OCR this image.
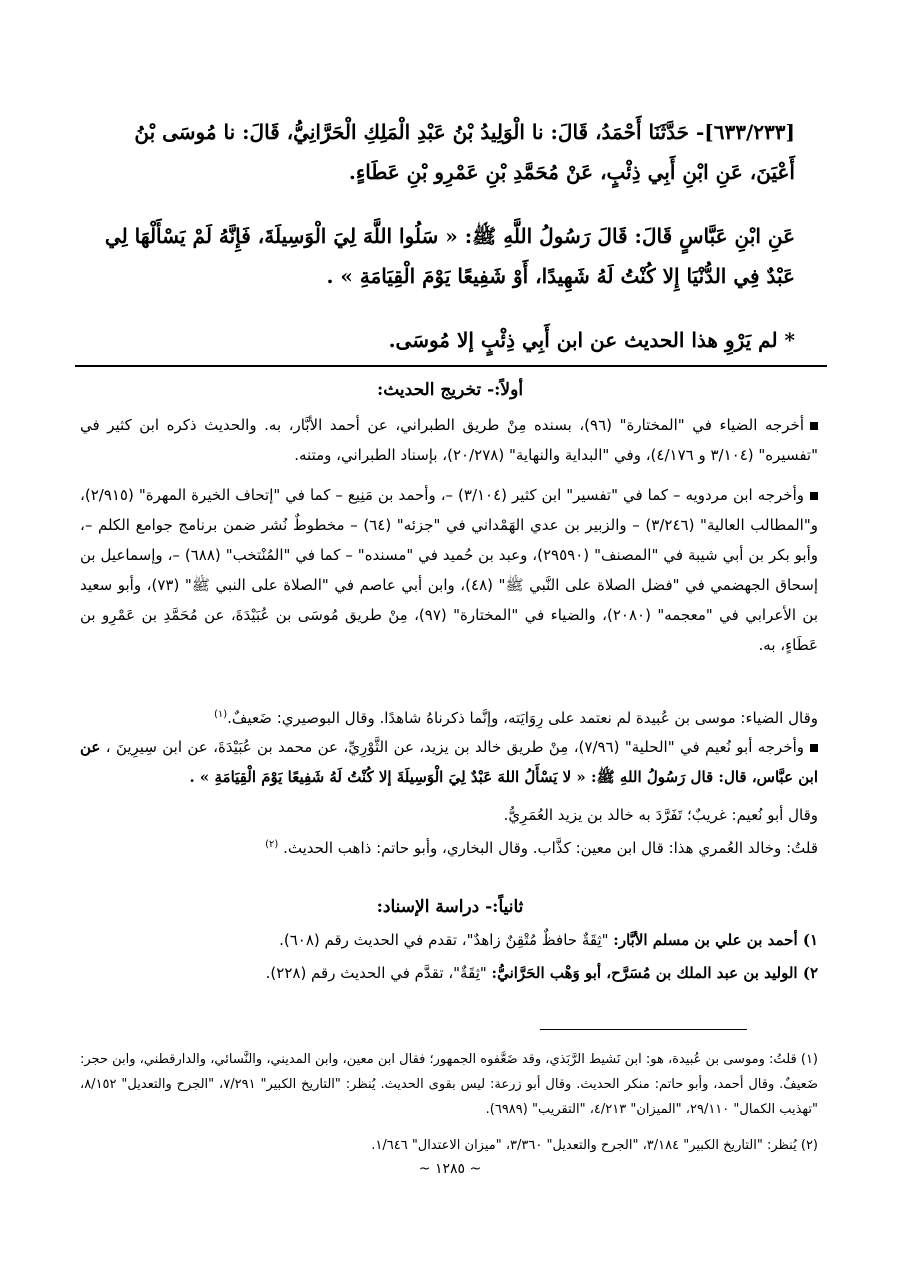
[٦٣٣/٢٣٣]- حَدَّثَنَا أَحْمَدُ، قَالَ: نا الْوَلِيدُ بْنُ عَبْدِ الْمَلِكِ الْحَرَّانِيُّ، قَالَ: نا مُوسَى بْنُ أَعْيَنَ، عَنِ ابْنِ أَبِي ذِئْبٍ، عَنْ مُحَمَّدِ بْنِ عَمْرِو بْنِ عَطَاءٍ.
عَنِ ابْنِ عَبَّاسٍ قَالَ: قَالَ رَسُولُ اللَّهِ ﷺ: « سَلُوا اللَّهَ لِيَ الْوَسِيلَةَ، فَإِنَّهُ لَمْ يَسْأَلْهَا لِي عَبْدٌ فِي الدُّنْيَا إِلا كُنْتُ لَهُ شَهِيدًا، أَوْ شَفِيعًا يَوْمَ الْقِيَامَةِ » .
* لم يَرْوِ هذا الحديث عن ابن أَبِي ذِئْبٍ إلا مُوسَى.
أولاً:- تخريج الحديث:
أخرجه الضياء في "المختارة" (٩٦)، بسنده مِنْ طريق الطبراني، عن أحمد الأبَّار، به. والحديث ذكره ابن كثير في "تفسيره" (٣/١٠٤ و ٤/١٧٦)، وفي "البداية والنهاية" (٢٠/٢٧٨)، بإسناد الطبراني، ومتنه.
وأخرجه ابن مردويه – كما في "تفسير" ابن كثير (٣/١٠٤) –، وأحمد بن مَنِيع – كما في "إتحاف الخيرة المهرة" (٢/٩١٥)، و"المطالب العالية" (٣/٢٤٦) – والزبير بن عدي الهَمْداني في "جزئه" (٦٤) – مخطوطٌ نُشر ضمن برنامج جوامع الكلم –، وأبو بكر بن أبي شيبة في "المصنف" (٢٩٥٩٠)، وعبد بن حُميد في "مسنده" – كما في "المُنْتخب" (٦٨٨) –، وإسماعيل بن إسحاق الجهضمي في "فضل الصلاة على النَّبي ﷺ" (٤٨)، وابن أبي عاصم في "الصلاة على النبي ﷺ" (٧٣)، وأبو سعيد بن الأعرابي في "معجمه" (٢٠٨٠)، والضياء في "المختارة" (٩٧)، مِنْ طريق مُوسَى بن عُبَيْدَةَ، عن مُحَمَّدِ بن عَمْرِو بن عَطَاءٍ، به.
وقال الضياء: موسى بن عُبيدة لم نعتمد على رِوَايَته، وإنَّما ذكرناهُ شاهدًا. وقال البوصيري: ضَعيفٌ.$^{(١)}$
وأخرجه أبو نُعيم في "الحلية" (٧/٩٦)، مِنْ طريق خالد بن يزيد، عن الثَّوْرِيِّ، عن محمد بن عُبَيْدَةَ، عن ابن سِيرِينَ ، عن ابن عبَّاس، قال: قال رَسُولُ اللهِ ﷺ: « لا يَسْأَلُ اللهَ عَبْدٌ لِيَ الْوَسِيلَةَ إلا كُنْتُ لَهُ شَفِيعًا يَوْمَ الْقِيَامَةِ » .
وقال أبو نُعيم: غريبٌ؛ تَفَرَّدَ به خالد بن يزيد العُمَرِيُّ.
قلتُ: وخالد العُمري هذا: قال ابن معين: كذَّاب. وقال البخاري، وأبو حاتم: ذاهب الحديث. $^{(٢)}$
ثانياً:- دراسة الإسناد:
١) أحمد بن علي بن مسلم الأبَّار: "ثِقَةٌ حافظٌ مُتْقِنٌ زاهدٌ"، تقدم في الحديث رقم (٦٠٨).
٢) الوليد بن عبد الملك بن مُسَرَّح، أبو وَهْب الحَرَّانيُّ: "ثِقَةٌ"، تقدَّم في الحديث رقم (٢٢٨).
(١) قلتُ: وموسى بن عُبيدة، هو: ابن نَشيط الرَّبَذي، وقد ضَعَّفوه الجمهور؛ فقال ابن معين، وابن المديني، والنَّسائي، والدارقطني، وابن حجر: ضَعيفٌ. وقال أحمد، وأبو حاتم: منكر الحديث. وقال أبو زرعة: ليس بقوى الحديث. يُنظر: "التاريخ الكبير" ٧/٢٩١، "الجرح والتعديل" ٨/١٥٢، "تهذيب الكمال" ٢٩/١١٠، "الميزان" ٤/٢١٣، "التقريب" (٦٩٨٩).
(٢) يُنظر: "التاريخ الكبير" ٣/١٨٤، "الجرح والتعديل" ٣/٣٦٠، "ميزان الاعتدال" ١/٦٤٦.
~ ١٢٨٥ ~
